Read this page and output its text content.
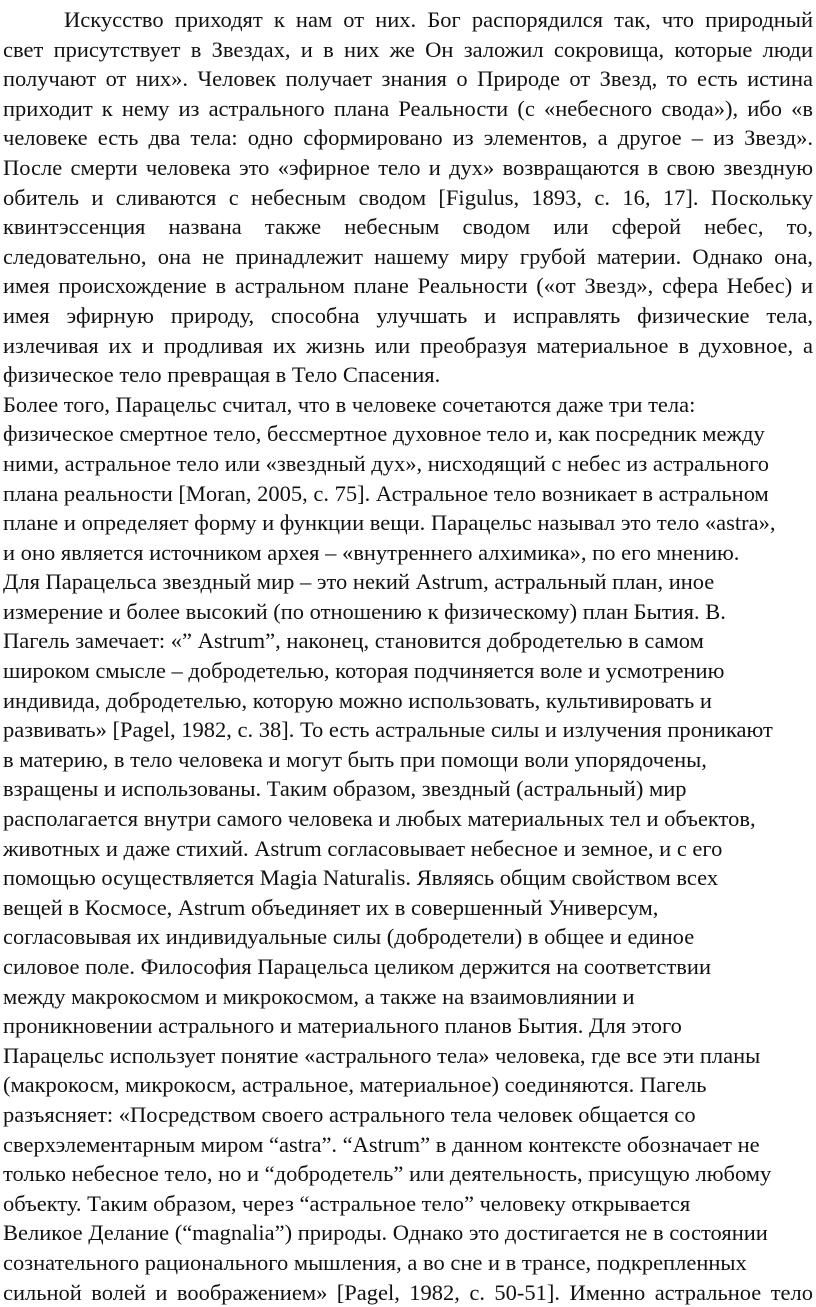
Искусство приходят к нам от них. Бог распорядился так, что природный
свет присутствует в Звездах, и в них же Он заложил сокровища, которые люди
получают от них». Человек получает знания о Природе от Звезд, то есть истина
приходит к нему из астрального плана Реальности (с «небесного свода»), ибо «в
человеке есть два тела: одно сформировано из элементов, а другое – из Звезд».
После смерти человека это «эфирное тело и дух» возвращаются в свою звездную
обитель и сливаются с небесным сводом [Figulus, 1893, с. 16, 17]. Поскольку
квинтэссенция названа также небесным сводом или сферой небес, то,
следовательно, она не принадлежит нашему миру грубой материи. Однако она,
имея происхождение в астральном плане Реальности («от Звезд», сфера Небес) и
имея эфирную природу, способна улучшать и исправлять физические тела,
излечивая их и продливая их жизнь или преобразуя материальное в духовное, а
физическое тело превращая в Тело Спасения.

Более того, Парацельс считал, что в человеке сочетаются даже три тела:
физическое смертное тело, бессмертное духовное тело и, как посредник между
ними, астральное тело или «звездный дух», нисходящий с небес из астрального
плана реальности [Moran, 2005, с. 75]. Астральное тело возникает в астральном
плане и определяет форму и функции вещи. Парацельс называл это тело «astra»,
и оно является источником архея – «внутреннего алхимика», по его мнению.
Для Парацельса звездный мир – это некий Astrum, астральный план, иное
измерение и более высокий (по отношению к физическому) план Бытия. В.
Пагель замечает: «” Astrum”, наконец, становится добродетелью в самом
широком смысле – добродетелью, которая подчиняется воле и усмотрению
индивида, добродетелью, которую можно использовать, культивировать и
развивать» [Pagel, 1982, с. 38]. То есть астральные силы и излучения проникают
в материю, в тело человека и могут быть при помощи воли упорядочены,
взращены и использованы. Таким образом, звездный (астральный) мир
располагается внутри самого человека и любых материальных тел и объектов,
животных и даже стихий. Astrum согласовывает небесное и земное, и с его
помощью осуществляется Magia Naturalis. Являясь общим свойством всех
вещей в Космосе, Astrum объединяет их в совершенный Универсум,
согласовывая их индивидуальные силы (добродетели) в общее и единое
силовое поле. Философия Парацельса целиком держится на соответствии
между макрокосмом и микрокосмом, а также на взаимовлиянии и
проникновении астрального и материального планов Бытия. Для этого
Парацельс использует понятие «астрального тела» человека, где все эти планы
(макрокосм, микрокосм, астральное, материальное) соединяются. Пагель
разъясняет: «Посредством своего астрального тела человек общается со
сверхэлементарным миром “astra”. “Astrum” в данном контексте обозначает не
только небесное тело, но и “добродетель” или деятельность, присущую любому
объекту. Таким образом, через “астральное тело” человеку открывается
Великое Делание (“magnalia”) природы. Однако это достигается не в состоянии
сознательного рационального мышления, а во сне и в трансе, подкрепленных
сильной волей и воображением» [Pagel, 1982, с. 50-51]. Именно астральное тело
